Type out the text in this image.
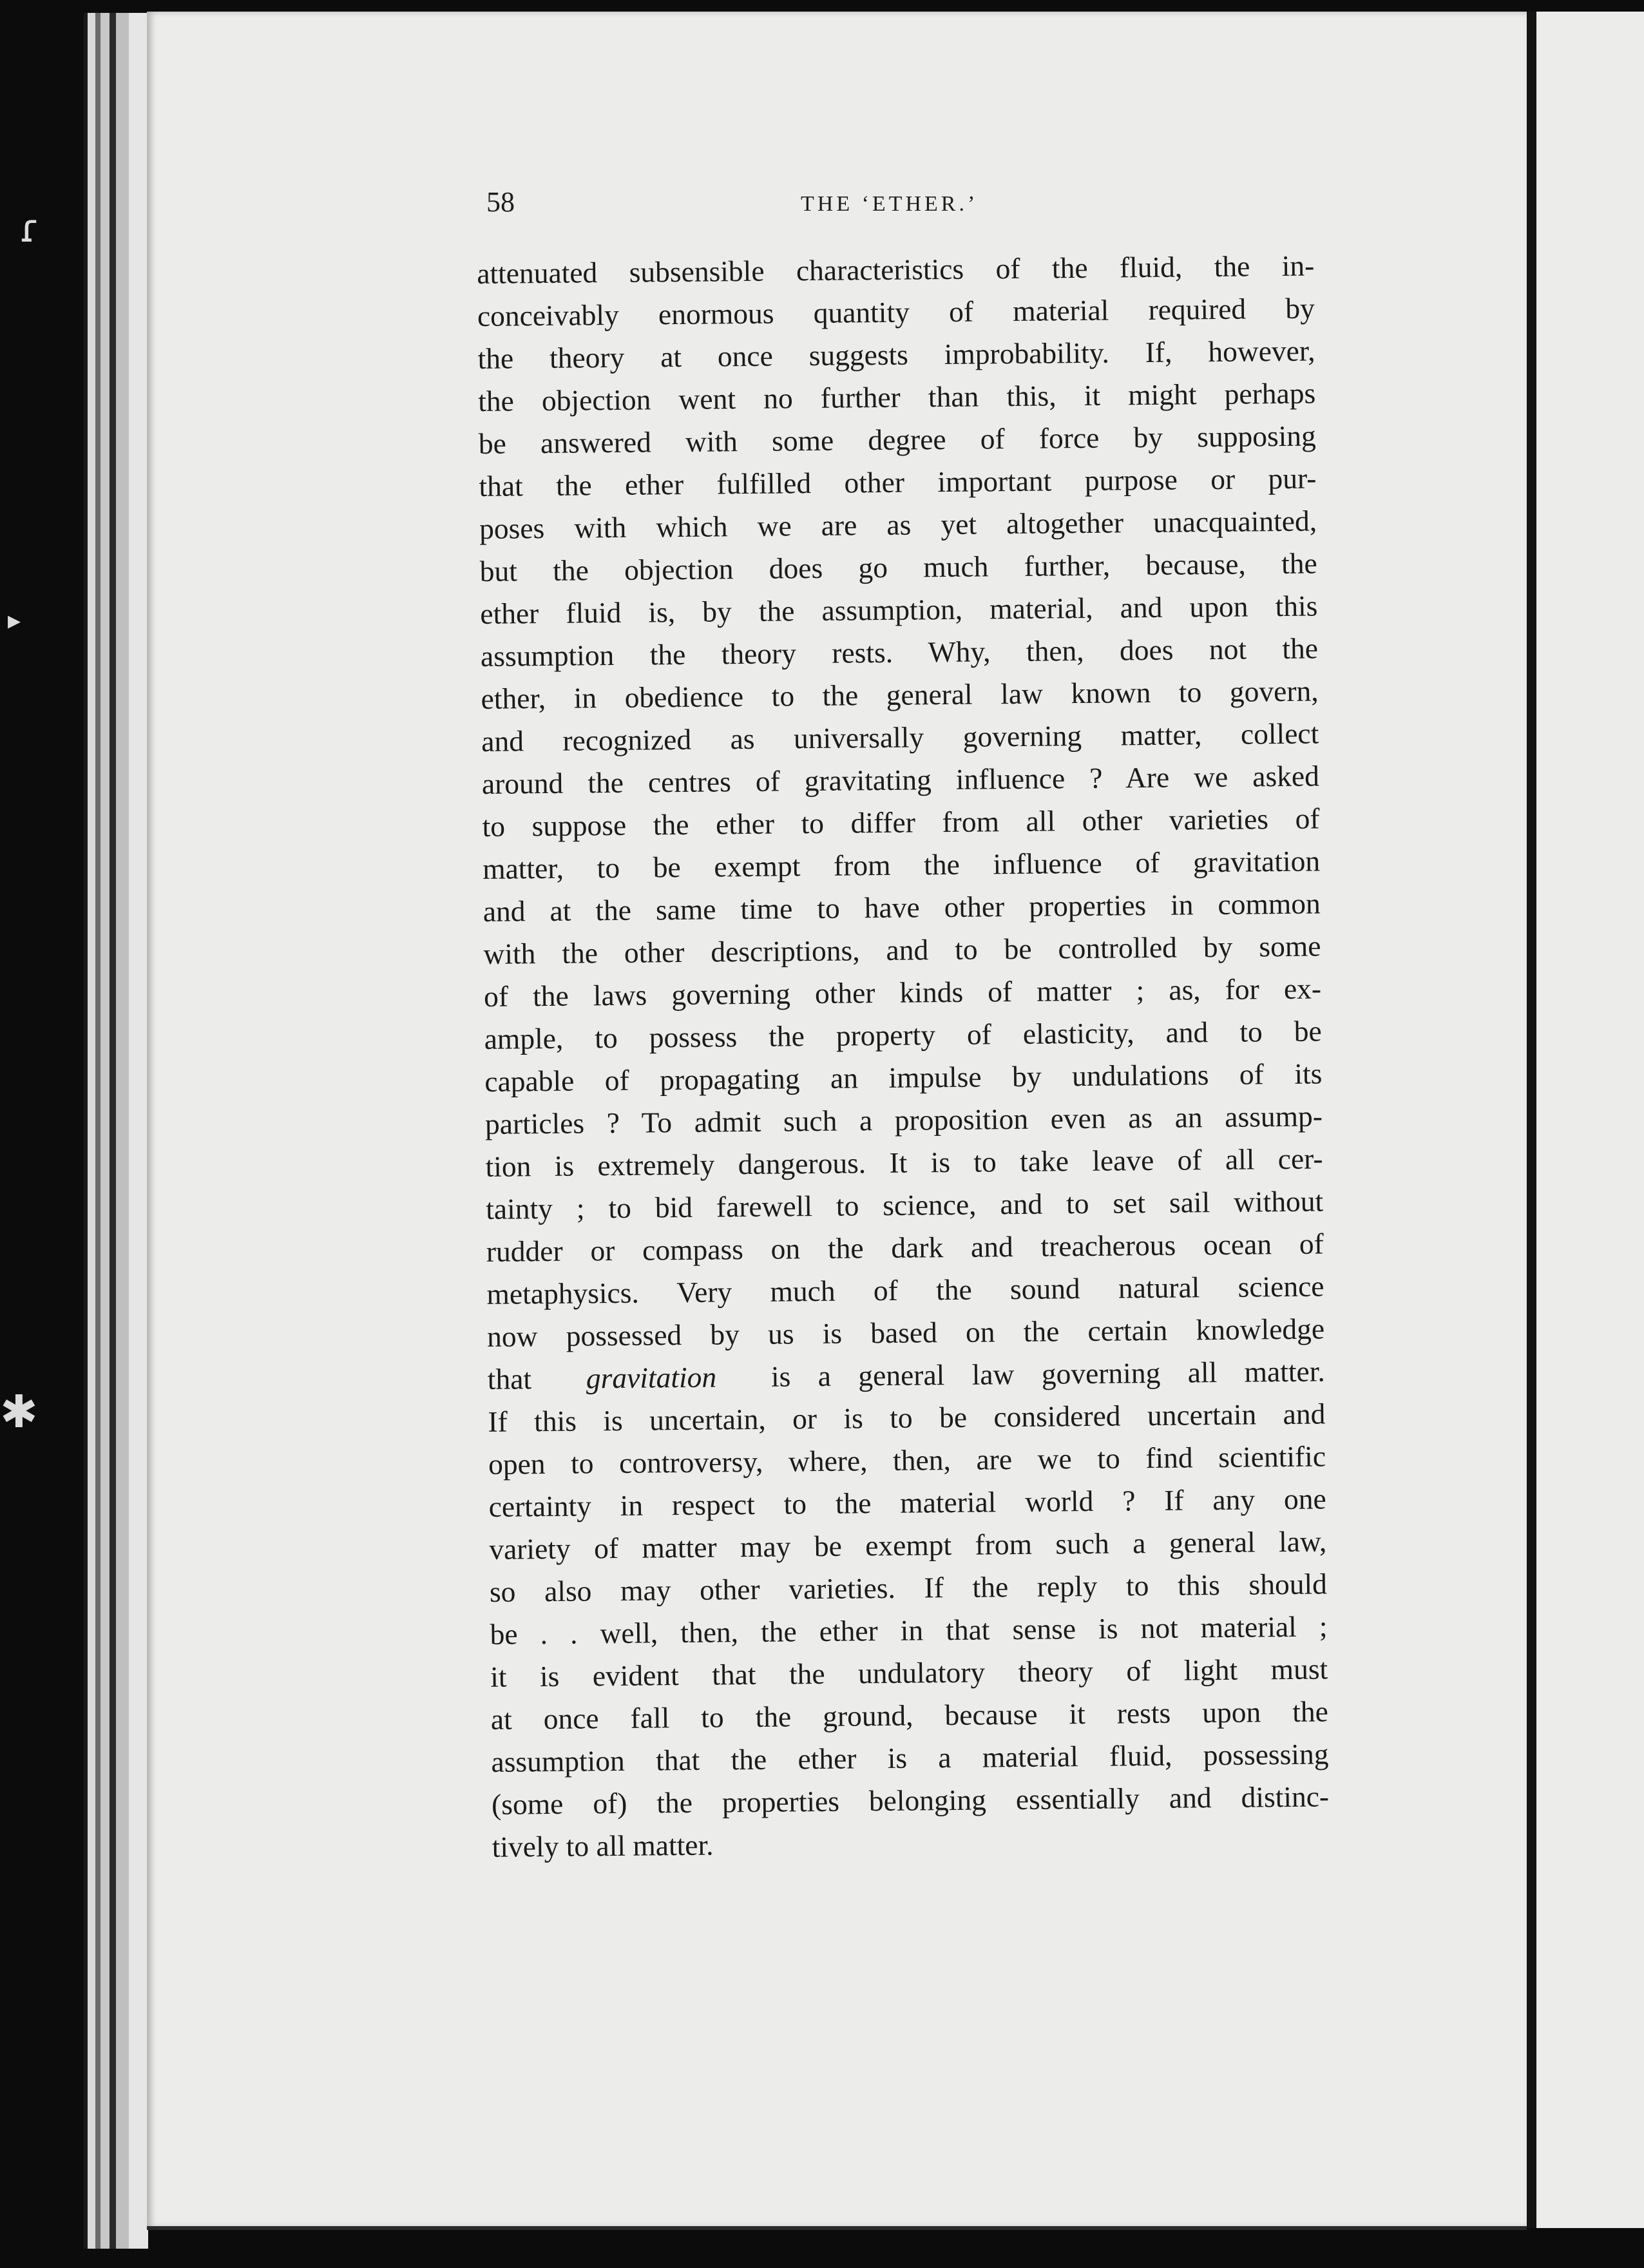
ɾ
▸
✱
58	THE ‘ETHER.’
attenuated subsensible characteristics of the fluid, the in-
conceivably enormous quantity of material required by
the theory at once suggests improbability. If, however,
the objection went no further than this, it might perhaps
be answered with some degree of force by supposing
that the ether fulfilled other important purpose or pur-
poses with which we are as yet altogether unacquainted,
but the objection does go much further, because, the
ether fluid is, by the assumption, material, and upon this
assumption the theory rests. Why, then, does not the
ether, in obedience to the general law known to govern,
and recognized as universally governing matter, collect
around the centres of gravitating influence ? Are we asked
to suppose the ether to differ from all other varieties of
matter, to be exempt from the influence of gravitation
and at the same time to have other properties in common
with the other descriptions, and to be controlled by some
of the laws governing other kinds of matter ; as, for ex-
ample, to possess the property of elasticity, and to be
capable of propagating an impulse by undulations of its
particles ? To admit such a proposition even as an assump-
tion is extremely dangerous. It is to take leave of all cer-
tainty ; to bid farewell to science, and to set sail without
rudder or compass on the dark and treacherous ocean of
metaphysics. Very much of the sound natural science
now possessed by us is based on the certain knowledge
that gravitation is a general law governing all matter.
If this is uncertain, or is to be considered uncertain and
open to controversy, where, then, are we to find scientific
certainty in respect to the material world ? If any one
variety of matter may be exempt from such a general law,
so also may other varieties. If the reply to this should
be . . well, then, the ether in that sense is not material ;
it is evident that the undulatory theory of light must
at once fall to the ground, because it rests upon the
assumption that the ether is a material fluid, possessing
(some of) the properties belonging essentially and distinc-
tively to all matter.
